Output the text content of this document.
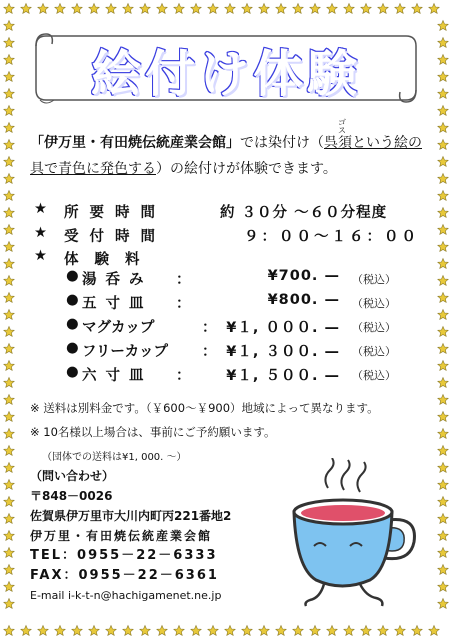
絵付け体験
「伊万里・有田焼伝統産業会館」では染付け（
ゴス
呉須という絵の
具で青色に発色する）の絵付けが体験できます。
★ 所要時間	約 ３０分 ～６０分程度
★ 受付時間	９：００～１６：００
★ 体験料
● 湯呑み ：	¥700. — （税込）
● 五寸皿 ：	¥800. — （税込）
● マグカップ	： ¥１, ０００. — （税込）
● フリーカップ ： ¥１, ３００. — （税込）
● 六寸皿 ： ¥１, ５００. — （税込）
※ 送料は別料金です。（￥600～￥900）地域によって異なります。
※ 10名様以上場合は、事前にご予約願います。
（団体での送料は¥1, 000. ～）
（問い合わせ）
〒848－0026
佐賀県伊万里市大川内町丙221番地2
伊万里・有田焼伝統産業会館
TEL：0955－22－6333
FAX：0955－22－6361
E-mail i-k-t-n@hachigamenet.ne.jp
